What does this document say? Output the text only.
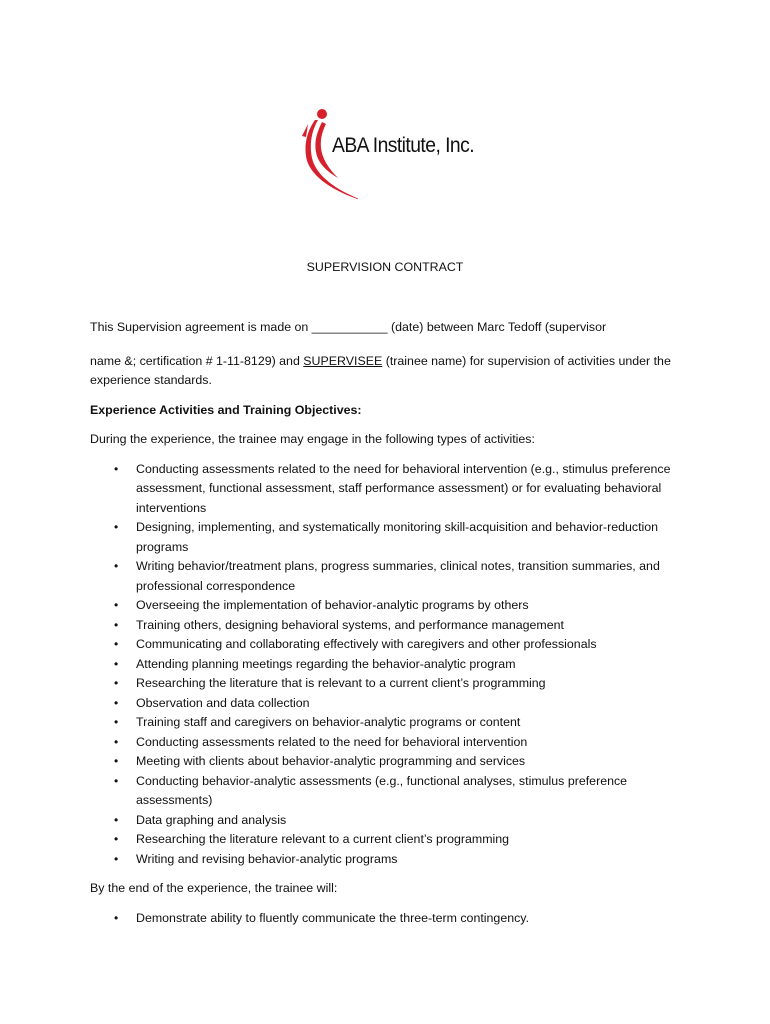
ABA Institute, Inc.
SUPERVISION CONTRACT

This Supervision agreement is made on ___________ (date) between Marc Tedoff (supervisor

name &; certification # 1-11-8129) and SUPERVISEE (trainee name) for supervision of activities under the experience standards.

Experience Activities and Training Objectives:

During the experience, the trainee may engage in the following types of activities:

• Conducting assessments related to the need for behavioral intervention (e.g., stimulus preference assessment, functional assessment, staff performance assessment) or for evaluating behavioral interventions
• Designing, implementing, and systematically monitoring skill-acquisition and behavior-reduction programs
• Writing behavior/treatment plans, progress summaries, clinical notes, transition summaries, and professional correspondence
• Overseeing the implementation of behavior-analytic programs by others
• Training others, designing behavioral systems, and performance management
• Communicating and collaborating effectively with caregivers and other professionals
• Attending planning meetings regarding the behavior-analytic program
• Researching the literature that is relevant to a current client’s programming
• Observation and data collection
• Training staff and caregivers on behavior-analytic programs or content
• Conducting assessments related to the need for behavioral intervention
• Meeting with clients about behavior-analytic programming and services
• Conducting behavior-analytic assessments (e.g., functional analyses, stimulus preference assessments)
• Data graphing and analysis
• Researching the literature relevant to a current client’s programming
• Writing and revising behavior-analytic programs

By the end of the experience, the trainee will:

• Demonstrate ability to fluently communicate the three-term contingency.
